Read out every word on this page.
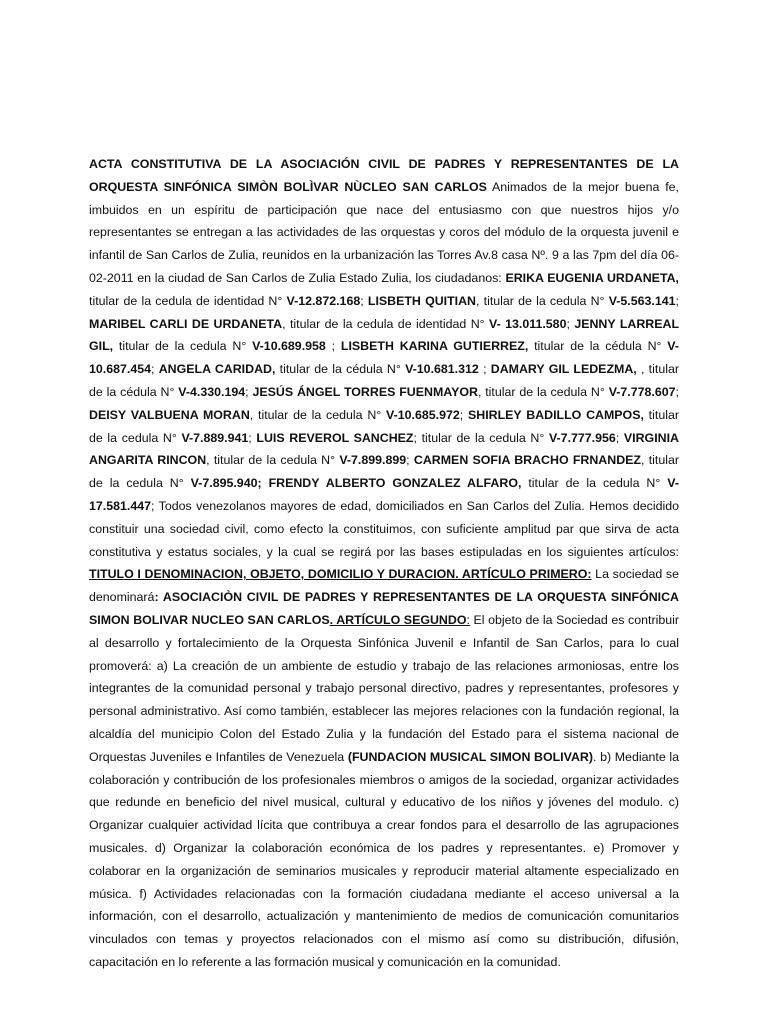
ACTA CONSTITUTIVA DE LA ASOCIACIÓN CIVIL DE PADRES Y REPRESENTANTES DE LA ORQUESTA SINFÓNICA SIMÒN BOLÌVAR NÙCLEO SAN CARLOS Animados de la mejor buena fe, imbuidos en un espíritu de participación que nace del entusiasmo con que nuestros hijos y/o representantes se entregan a las actividades de las orquestas y coros del módulo de la orquesta juvenil e infantil de San Carlos de Zulia, reunidos en la urbanización las Torres Av.8 casa Nº. 9 a las 7pm del día 06-02-2011 en la ciudad de San Carlos de Zulia Estado Zulia, los ciudadanos: ERIKA EUGENIA URDANETA, titular de la cedula de identidad N° V-12.872.168; LISBETH QUITIAN, titular de la cedula N° V-5.563.141; MARIBEL CARLI DE URDANETA, titular de la cedula de identidad N° V- 13.011.580; JENNY LARREAL GIL, titular de la cedula N° V-10.689.958 ; LISBETH KARINA GUTIERREZ, titular de la cédula N° V-10.687.454; ANGELA CARIDAD, titular de la cédula N° V-10.681.312 ; DAMARY GIL LEDEZMA, , titular de la cédula N° V-4.330.194; JESÚS ÁNGEL TORRES FUENMAYOR, titular de la cedula N° V-7.778.607; DEISY VALBUENA MORAN, titular de la cedula N° V-10.685.972; SHIRLEY BADILLO CAMPOS, titular de la cedula N° V-7.889.941; LUIS REVEROL SANCHEZ; titular de la cedula N° V-7.777.956; VIRGINIA ANGARITA RINCON, titular de la cedula N° V-7.899.899; CARMEN SOFIA BRACHO FRNANDEZ, titular de la cedula N° V-7.895.940; FRENDY ALBERTO GONZALEZ ALFARO, titular de la cedula N° V- 17.581.447; Todos venezolanos mayores de edad, domiciliados en San Carlos del Zulia. Hemos decidido constituir una sociedad civil, como efecto la constituimos, con suficiente amplitud par que sirva de acta constitutiva y estatus sociales, y la cual se regirá por las bases estipuladas en los siguientes artículos: TITULO I DENOMINACION, OBJETO, DOMICILIO Y DURACION. ARTÍCULO PRIMERO: La sociedad se denominará: ASOCIACIÒN CIVIL DE PADRES Y REPRESENTANTES DE LA ORQUESTA SINFÓNICA SIMON BOLIVAR NUCLEO SAN CARLOS. ARTÍCULO SEGUNDO: El objeto de la Sociedad es contribuir al desarrollo y fortalecimiento de la Orquesta Sinfónica Juvenil e Infantil de San Carlos, para lo cual promoverá: a) La creación de un ambiente de estudio y trabajo de las relaciones armoniosas, entre los integrantes de la comunidad personal y trabajo personal directivo, padres y representantes, profesores y personal administrativo. Así como también, establecer las mejores relaciones con la fundación regional, la alcaldía del municipio Colon del Estado Zulia y la fundación del Estado para el sistema nacional de Orquestas Juveniles e Infantiles de Venezuela (FUNDACION MUSICAL SIMON BOLIVAR). b) Mediante la colaboración y contribución de los profesionales miembros o amigos de la sociedad, organizar actividades que redunde en beneficio del nivel musical, cultural y educativo de los niños y jóvenes del modulo. c) Organizar cualquier actividad lícita que contribuya a crear fondos para el desarrollo de las agrupaciones musicales. d) Organizar la colaboración económica de los padres y representantes. e) Promover y colaborar en la organización de seminarios musicales y reproducir material altamente especializado en música. f) Actividades relacionadas con la formación ciudadana mediante el acceso universal a la información, con el desarrollo, actualización y mantenimiento de medios de comunicación comunitarios vinculados con temas y proyectos relacionados con el mismo así como su distribución, difusión, capacitación en lo referente a las formación musical y comunicación en la comunidad.
